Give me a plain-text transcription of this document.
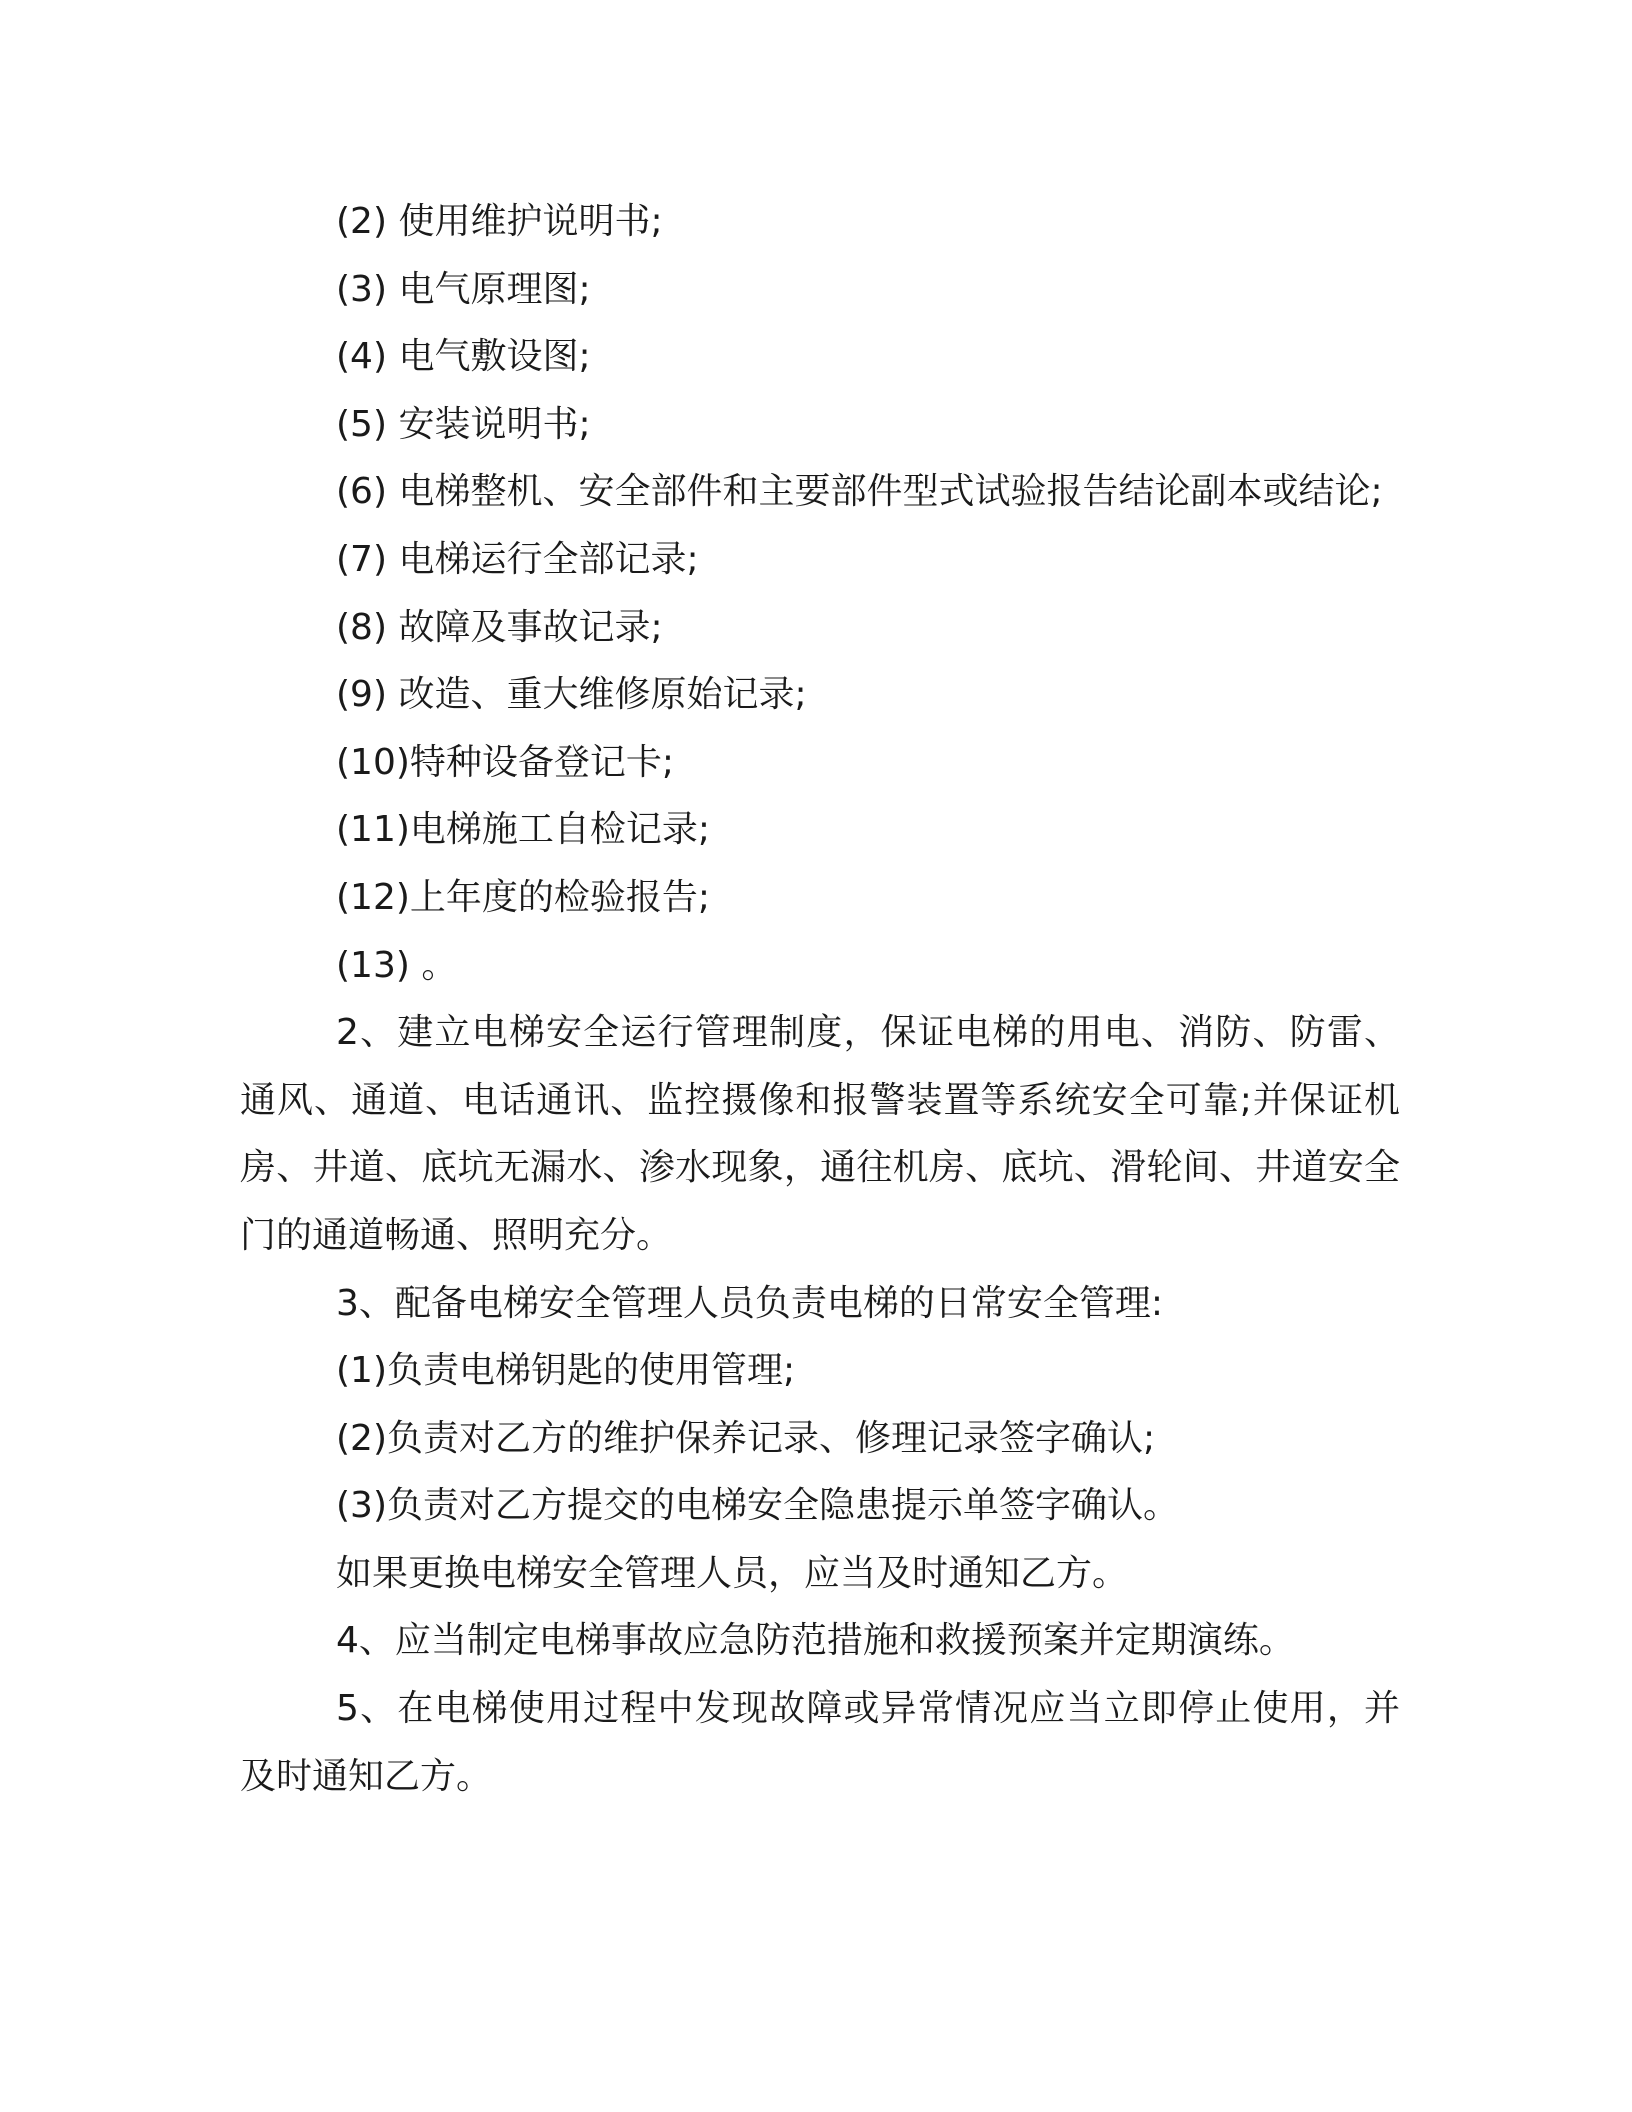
(2) 使用维护说明书;

(3) 电气原理图;

(4) 电气敷设图;

(5) 安装说明书;

(6) 电梯整机、安全部件和主要部件型式试验报告结论副本或结论;

(7) 电梯运行全部记录;

(8) 故障及事故记录;

(9) 改造、重大维修原始记录;

(10)特种设备登记卡;

(11)电梯施工自检记录;

(12)上年度的检验报告;

(13) 。

2、建立电梯安全运行管理制度，保证电梯的用电、消防、防雷、通风、通道、电话通讯、监控摄像和报警装置等系统安全可靠;并保证机房、井道、底坑无漏水、渗水现象，通往机房、底坑、滑轮间、井道安全门的通道畅通、照明充分。

3、配备电梯安全管理人员负责电梯的日常安全管理:

(1)负责电梯钥匙的使用管理;

(2)负责对乙方的维护保养记录、修理记录签字确认;

(3)负责对乙方提交的电梯安全隐患提示单签字确认。

如果更换电梯安全管理人员，应当及时通知乙方。

4、应当制定电梯事故应急防范措施和救援预案并定期演练。

5、在电梯使用过程中发现故障或异常情况应当立即停止使用，并及时通知乙方。
